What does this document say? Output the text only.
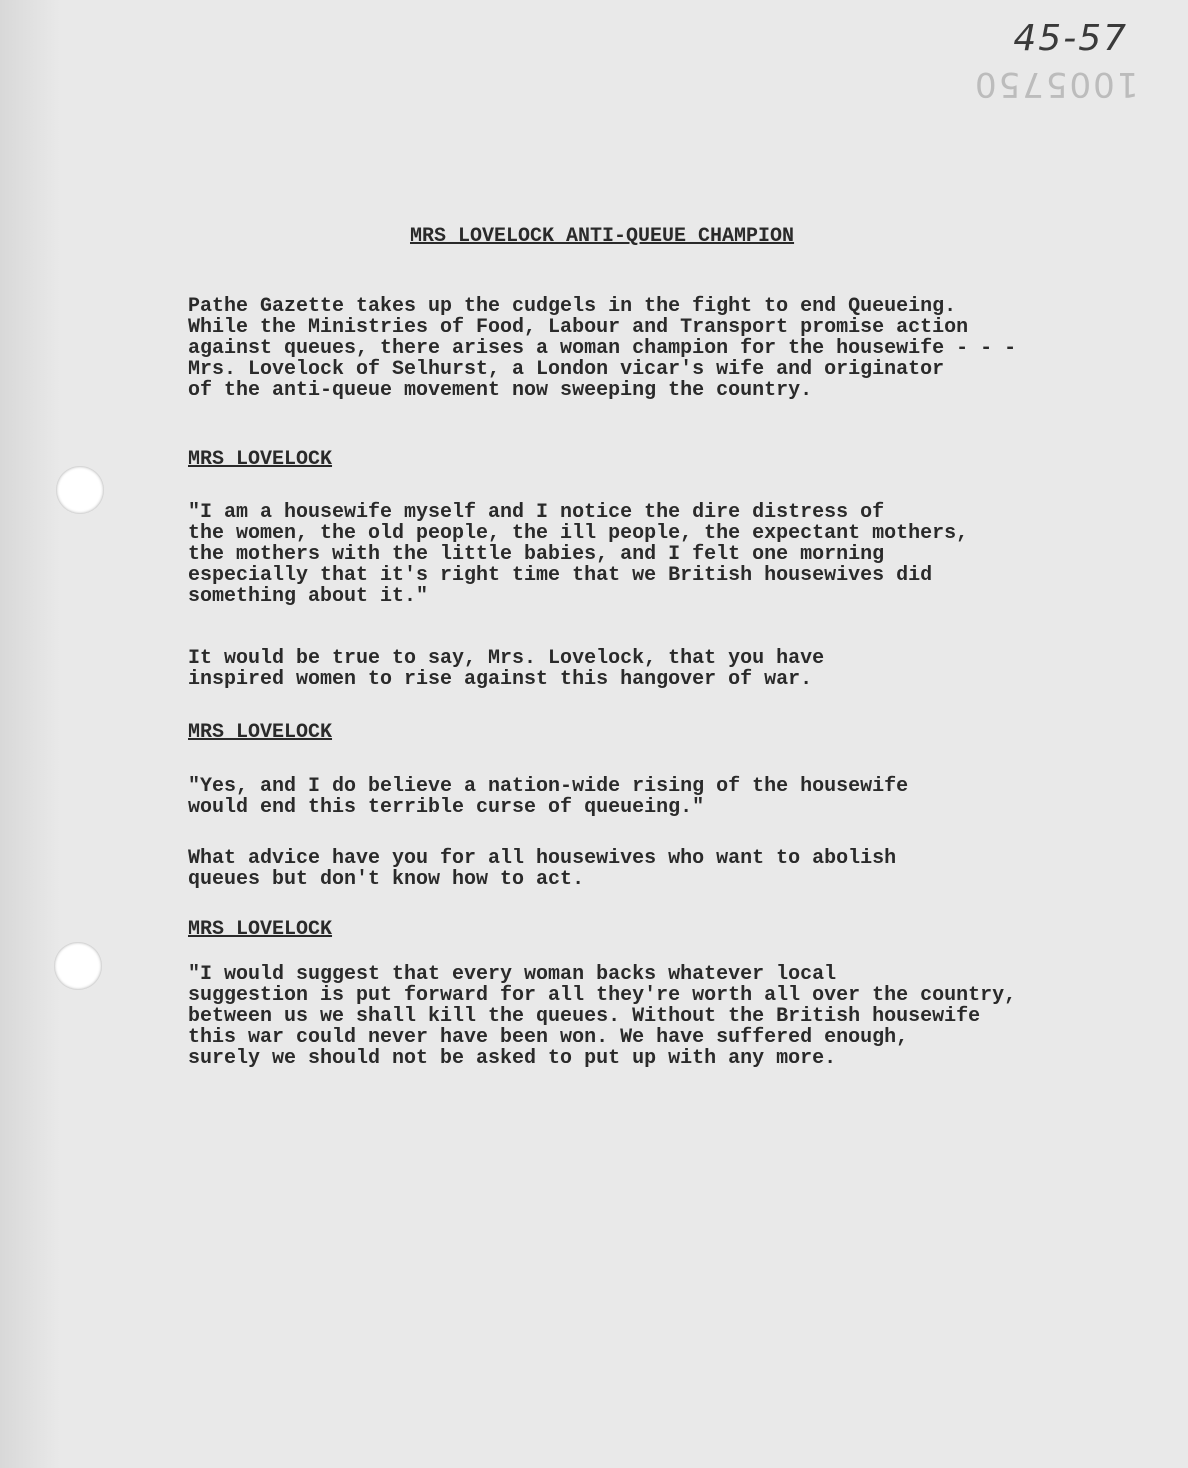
45-57
1005750
MRS LOVELOCK ANTI-QUEUE CHAMPION
Pathe Gazette takes up the cudgels in the fight to end Queueing.
While the Ministries of Food, Labour and Transport promise action
against queues, there arises a woman champion for the housewife - - -
Mrs. Lovelock of Selhurst, a London vicar's wife and originator
of the anti-queue movement now sweeping the country.
MRS LOVELOCK
"I am a housewife myself and I notice the dire distress of
the women, the old people, the ill people, the expectant mothers,
the mothers with the little babies, and I felt one morning
especially that it's right time that we British housewives did
something about it."
It would be true to say, Mrs. Lovelock, that you have
inspired women to rise against this hangover of war.
MRS LOVELOCK
"Yes, and I do believe a nation-wide rising of the housewife
would end this terrible curse of queueing."
What advice have you for all housewives who want to abolish
queues but don't know how to act.
MRS LOVELOCK
"I would suggest that every woman backs whatever local
suggestion is put forward for all they're worth all over the country,
between us we shall kill the queues. Without the British housewife
this war could never have been won. We have suffered enough,
surely we should not be asked to put up with any more.
